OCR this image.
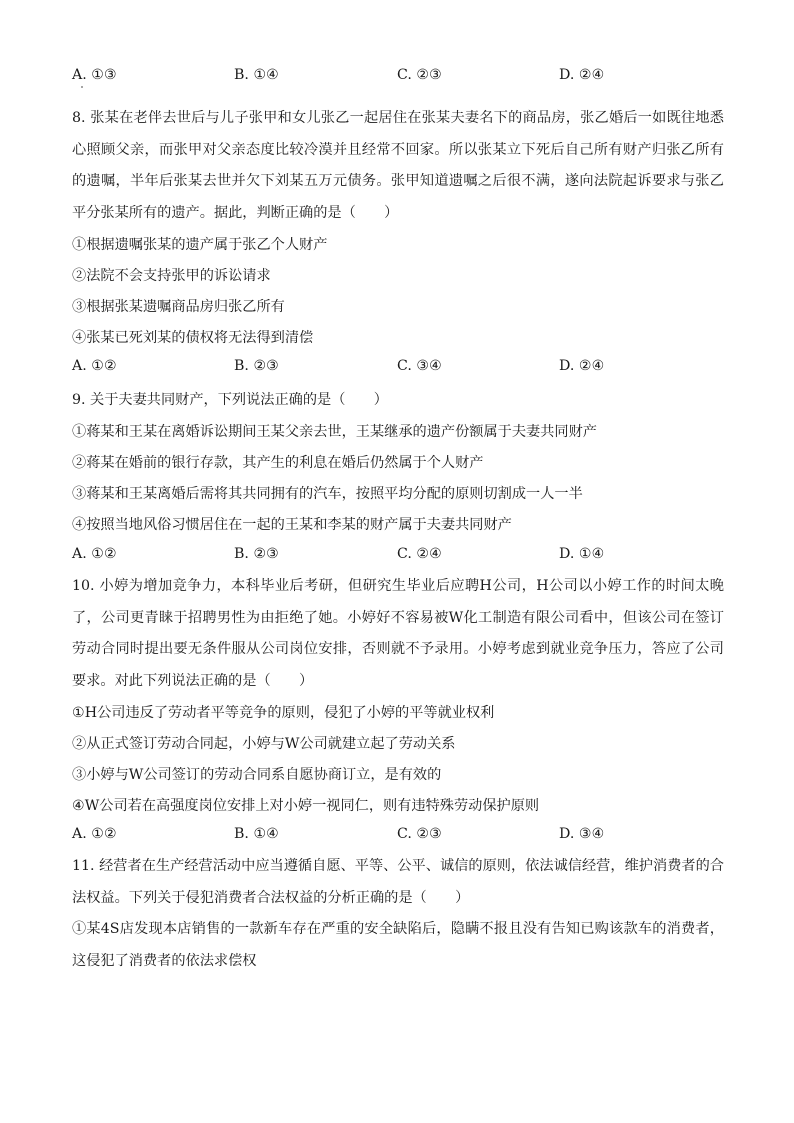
A. ①③	B. ①④	C. ②③	D. ②④
8. 张某在老伴去世后与儿子张甲和女儿张乙一起居住在张某夫妻名下的商品房，张乙婚后一如既往地悉心照顾父亲，而张甲对父亲态度比较冷漠并且经常不回家。所以张某立下死后自己所有财产归张乙所有的遗嘱，半年后张某去世并欠下刘某五万元债务。张甲知道遗嘱之后很不满，遂向法院起诉要求与张乙平分张某所有的遗产。据此，判断正确的是（　　）
①根据遗嘱张某的遗产属于张乙个人财产
②法院不会支持张甲的诉讼请求
③根据张某遗嘱商品房归张乙所有
④张某已死刘某的债权将无法得到清偿
A. ①②	B. ②③	C. ③④	D. ②④
9. 关于夫妻共同财产，下列说法正确的是（　　）
①蒋某和王某在离婚诉讼期间王某父亲去世，王某继承的遗产份额属于夫妻共同财产
②蒋某在婚前的银行存款，其产生的利息在婚后仍然属于个人财产
③蒋某和王某离婚后需将其共同拥有的汽车，按照平均分配的原则切割成一人一半
④按照当地风俗习惯居住在一起的王某和李某的财产属于夫妻共同财产
A. ①②	B. ②③	C. ②④	D. ①④
10. 小婷为增加竞争力，本科毕业后考研，但研究生毕业后应聘H公司，H公司以小婷工作的时间太晚了，公司更青睐于招聘男性为由拒绝了她。小婷好不容易被W化工制造有限公司看中，但该公司在签订劳动合同时提出要无条件服从公司岗位安排，否则就不予录用。小婷考虑到就业竞争压力，答应了公司要求。对此下列说法正确的是（　　）
①H公司违反了劳动者平等竞争的原则，侵犯了小婷的平等就业权利
②从正式签订劳动合同起，小婷与W公司就建立起了劳动关系
③小婷与W公司签订的劳动合同系自愿协商订立，是有效的
④W公司若在高强度岗位安排上对小婷一视同仁，则有违特殊劳动保护原则
A. ①②	B. ①④	C. ②③	D. ③④
11. 经营者在生产经营活动中应当遵循自愿、平等、公平、诚信的原则，依法诚信经营，维护消费者的合法权益。下列关于侵犯消费者合法权益的分析正确的是（　　）
①某4S店发现本店销售的一款新车存在严重的安全缺陷后，隐瞒不报且没有告知已购该款车的消费者，这侵犯了消费者的依法求偿权
